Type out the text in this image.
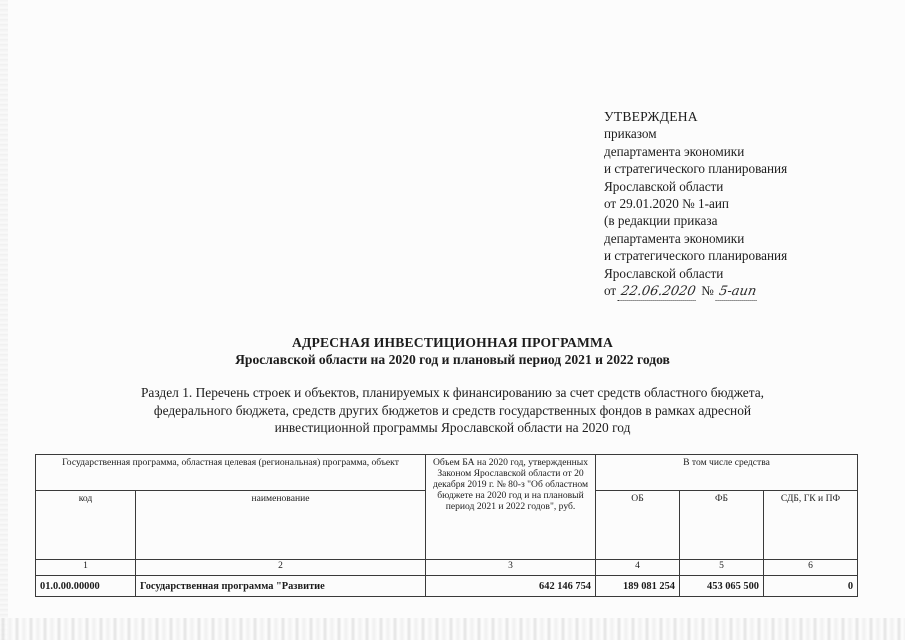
УТВЕРЖДЕНА
приказом
департамента экономики
и стратегического планирования
Ярославской области
от 29.01.2020 № 1-аип
(в редакции приказа
департамента экономики
и стратегического планирования
Ярославской области
от 22.06.2020 № 5-аип
АДРЕСНАЯ ИНВЕСТИЦИОННАЯ ПРОГРАММА
Ярославской области на 2020 год и плановый период 2021 и 2022 годов
Раздел 1. Перечень строек и объектов, планируемых к финансированию за счет средств областного бюджета,
федерального бюджета, средств других бюджетов и средств государственных фондов в рамках адресной
инвестиционной программы Ярославской области на 2020 год
Государственная программа, областная целевая (региональная) программа, объект		Объем БА на 2020 год, утвержденных Законом Ярославской области от 20 декабря 2019 г. № 80-з "Об областном бюджете на 2020 год и на плановый период 2021 и 2022 годов", руб.	В том числе средства		
код	наименование		ОБ	ФБ	СДБ, ГК и ПФ
1	2	3	4	5	6
01.0.00.00000	Государственная программа "Развитие	642 146 754	189 081 254	453 065 500	0
